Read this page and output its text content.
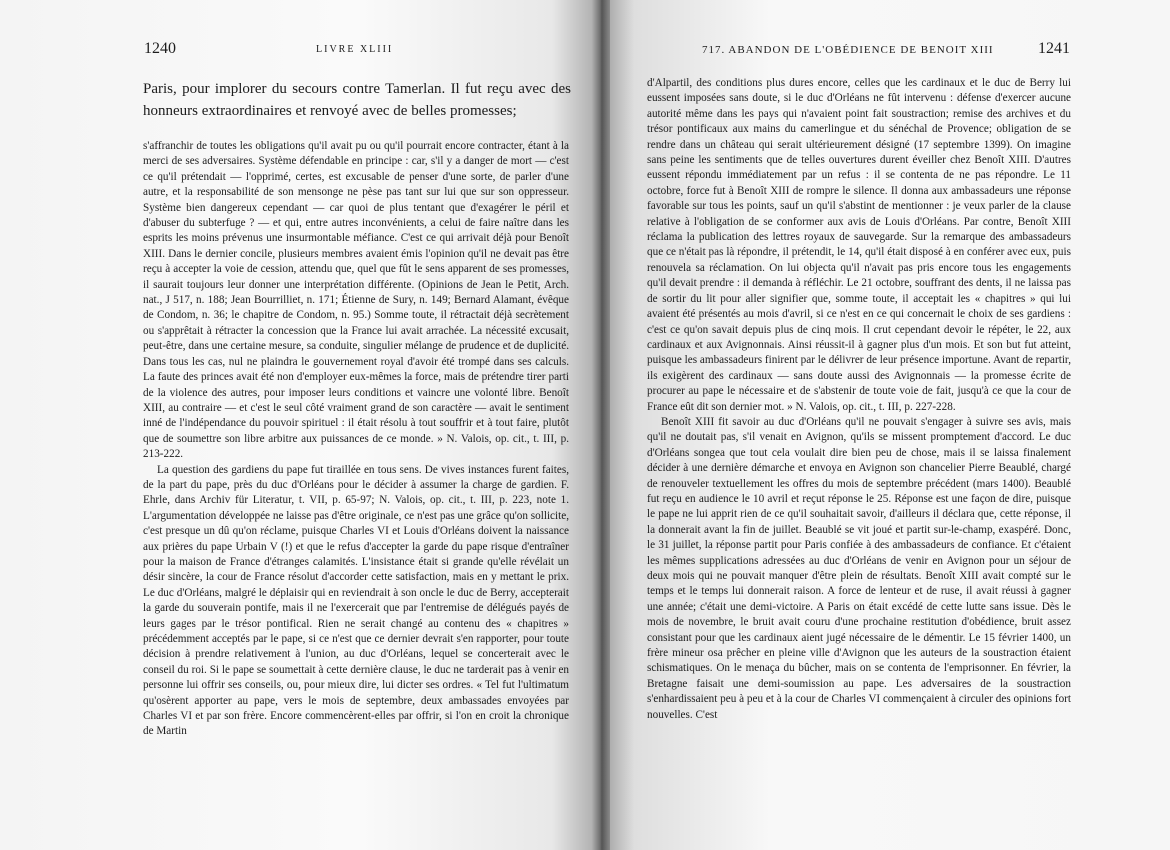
1240	LIVRE XLIII
Paris, pour implorer du secours contre Tamerlan. Il fut reçu avec des honneurs extraordinaires et renvoyé avec de belles promesses;

s'affranchir de toutes les obligations qu'il avait pu ou qu'il pourrait encore contracter, étant à la merci de ses adversaires. Système défendable en principe : car, s'il y a danger de mort — c'est ce qu'il prétendait — l'opprimé, certes, est excusable de penser d'une sorte, de parler d'une autre, et la responsabilité de son mensonge ne pèse pas tant sur lui que sur son oppresseur. Système bien dangereux cependant — car quoi de plus tentant que d'exagérer le péril et d'abuser du subterfuge ? — et qui, entre autres inconvénients, a celui de faire naître dans les esprits les moins prévenus une insurmontable méfiance. C'est ce qui arrivait déjà pour Benoît XIII. Dans le dernier concile, plusieurs membres avaient émis l'opinion qu'il ne devait pas être reçu à accepter la voie de cession, attendu que, quel que fût le sens apparent de ses promesses, il saurait toujours leur donner une interprétation différente. (Opinions de Jean le Petit, Arch. nat., J 517, n. 188; Jean Bourrilliet, n. 171; Étienne de Sury, n. 149; Bernard Alamant, évêque de Condom, n. 36; le chapitre de Condom, n. 95.) Somme toute, il rétractait déjà secrètement ou s'apprêtait à rétracter la concession que la France lui avait arrachée. La nécessité excusait, peut-être, dans une certaine mesure, sa conduite, singulier mélange de prudence et de duplicité. Dans tous les cas, nul ne plaindra le gouvernement royal d'avoir été trompé dans ses calculs. La faute des princes avait été non d'employer eux-mêmes la force, mais de prétendre tirer parti de la violence des autres, pour imposer leurs conditions et vaincre une volonté libre. Benoît XIII, au contraire — et c'est le seul côté vraiment grand de son caractère — avait le sentiment inné de l'indépendance du pouvoir spirituel : il était résolu à tout souffrir et à tout faire, plutôt que de soumettre son libre arbitre aux puissances de ce monde. » N. Valois, op. cit., t. III, p. 213-222.

La question des gardiens du pape fut tiraillée en tous sens. De vives instances furent faites, de la part du pape, près du duc d'Orléans pour le décider à assumer la charge de gardien. F. Ehrle, dans Archiv für Literatur, t. VII, p. 65-97; N. Valois, op. cit., t. III, p. 223, note 1. L'argumentation développée ne laisse pas d'être originale, ce n'est pas une grâce qu'on sollicite, c'est presque un dû qu'on réclame, puisque Charles VI et Louis d'Orléans doivent la naissance aux prières du pape Urbain V (!) et que le refus d'accepter la garde du pape risque d'entraîner pour la maison de France d'étranges calamités. L'insistance était si grande qu'elle révélait un désir sincère, la cour de France résolut d'accorder cette satisfaction, mais en y mettant le prix. Le duc d'Orléans, malgré le déplaisir qui en reviendrait à son oncle le duc de Berry, accepterait la garde du souverain pontife, mais il ne l'exercerait que par l'entremise de délégués payés de leurs gages par le trésor pontifical. Rien ne serait changé au contenu des « chapitres » précédemment acceptés par le pape, si ce n'est que ce dernier devrait s'en rapporter, pour toute décision à prendre relativement à l'union, au duc d'Orléans, lequel se concerterait avec le conseil du roi. Si le pape se soumettait à cette dernière clause, le duc ne tarderait pas à venir en personne lui offrir ses conseils, ou, pour mieux dire, lui dicter ses ordres. « Tel fut l'ultimatum qu'osèrent apporter au pape, vers le mois de septembre, deux ambassades envoyées par Charles VI et par son frère. Encore commencèrent-elles par offrir, si l'on en croit la chronique de Martin

717. ABANDON DE L'OBÉDIENCE DE BENOIT XIII	1241

d'Alpartil, des conditions plus dures encore, celles que les cardinaux et le duc de Berry lui eussent imposées sans doute, si le duc d'Orléans ne fût intervenu : défense d'exercer aucune autorité même dans les pays qui n'avaient point fait soustraction; remise des archives et du trésor pontificaux aux mains du camerlingue et du sénéchal de Provence; obligation de se rendre dans un château qui serait ultérieurement désigné (17 septembre 1399). On imagine sans peine les sentiments que de telles ouvertures durent éveiller chez Benoît XIII. D'autres eussent répondu immédiatement par un refus : il se contenta de ne pas répondre. Le 11 octobre, force fut à Benoît XIII de rompre le silence. Il donna aux ambassadeurs une réponse favorable sur tous les points, sauf un qu'il s'abstint de mentionner : je veux parler de la clause relative à l'obligation de se conformer aux avis de Louis d'Orléans. Par contre, Benoît XIII réclama la publication des lettres royaux de sauvegarde. Sur la remarque des ambassadeurs que ce n'était pas là répondre, il prétendit, le 14, qu'il était disposé à en conférer avec eux, puis renouvela sa réclamation. On lui objecta qu'il n'avait pas pris encore tous les engagements qu'il devait prendre : il demanda à réfléchir. Le 21 octobre, souffrant des dents, il ne laissa pas de sortir du lit pour aller signifier que, somme toute, il acceptait les « chapitres » qui lui avaient été présentés au mois d'avril, si ce n'est en ce qui concernait le choix de ses gardiens : c'est ce qu'on savait depuis plus de cinq mois. Il crut cependant devoir le répéter, le 22, aux cardinaux et aux Avignonnais. Ainsi réussit-il à gagner plus d'un mois. Et son but fut atteint, puisque les ambassadeurs finirent par le délivrer de leur présence importune. Avant de repartir, ils exigèrent des cardinaux — sans doute aussi des Avignonnais — la promesse écrite de procurer au pape le nécessaire et de s'abstenir de toute voie de fait, jusqu'à ce que la cour de France eût dit son dernier mot. » N. Valois, op. cit., t. III, p. 227-228.

Benoît XIII fit savoir au duc d'Orléans qu'il ne pouvait s'engager à suivre ses avis, mais qu'il ne doutait pas, s'il venait en Avignon, qu'ils se missent promptement d'accord. Le duc d'Orléans songea que tout cela voulait dire bien peu de chose, mais il se laissa finalement décider à une dernière démarche et envoya en Avignon son chancelier Pierre Beaublé, chargé de renouveler textuellement les offres du mois de septembre précédent (mars 1400). Beaublé fut reçu en audience le 10 avril et reçut réponse le 25. Réponse est une façon de dire, puisque le pape ne lui apprit rien de ce qu'il souhaitait savoir, d'ailleurs il déclara que, cette réponse, il la donnerait avant la fin de juillet. Beaublé se vit joué et partit sur-le-champ, exaspéré. Donc, le 31 juillet, la réponse partit pour Paris confiée à des ambassadeurs de confiance. Et c'étaient les mêmes supplications adressées au duc d'Orléans de venir en Avignon pour un séjour de deux mois qui ne pouvait manquer d'être plein de résultats. Benoît XIII avait compté sur le temps et le temps lui donnerait raison. A force de lenteur et de ruse, il avait réussi à gagner une année; c'était une demi-victoire. A Paris on était excédé de cette lutte sans issue. Dès le mois de novembre, le bruit avait couru d'une prochaine restitution d'obédience, bruit assez consistant pour que les cardinaux aient jugé nécessaire de le démentir. Le 15 février 1400, un frère mineur osa prêcher en pleine ville d'Avignon que les auteurs de la soustraction étaient schismatiques. On le menaça du bûcher, mais on se contenta de l'emprisonner. En février, la Bretagne faisait une demi-soumission au pape. Les adversaires de la soustraction s'enhardissaient peu à peu et à la cour de Charles VI commençaient à circuler des opinions fort nouvelles. C'est
